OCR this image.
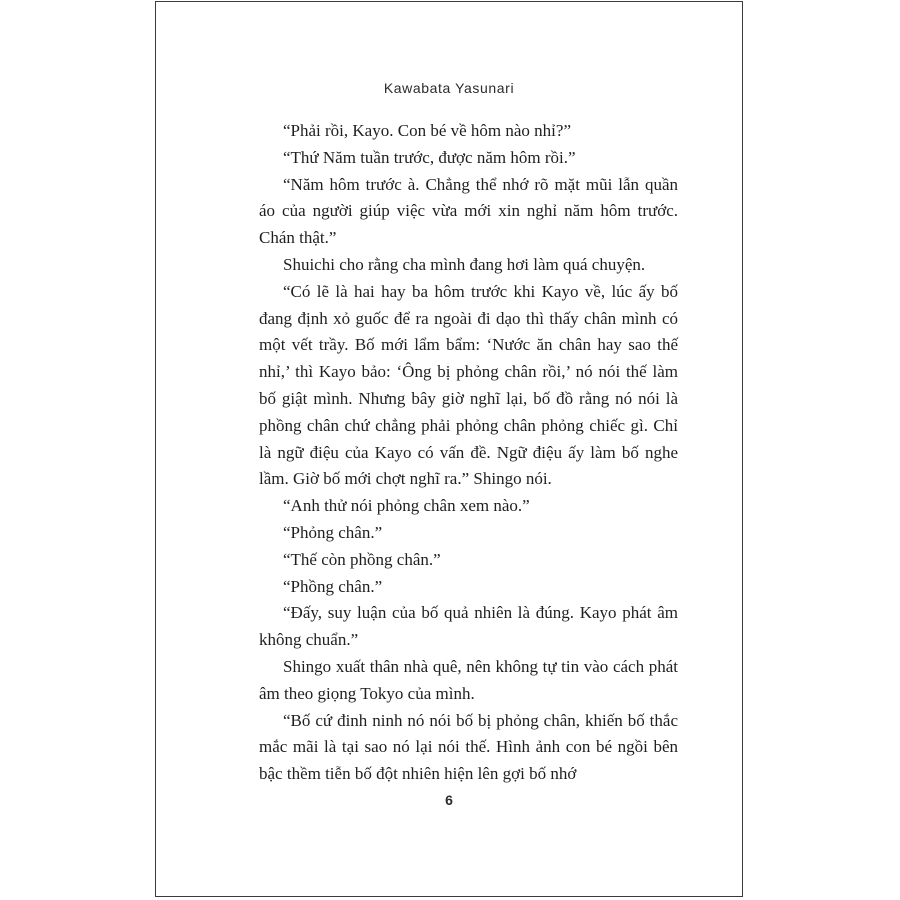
Kawabata Yasunari

“Phải rồi, Kayo. Con bé về hôm nào nhỉ?”

“Thứ Năm tuần trước, được năm hôm rồi.”

“Năm hôm trước à. Chẳng thể nhớ rõ mặt mũi lẫn quần áo của người giúp việc vừa mới xin nghỉ năm hôm trước. Chán thật.”

Shuichi cho rằng cha mình đang hơi làm quá chuyện.

“Có lẽ là hai hay ba hôm trước khi Kayo về, lúc ấy bố đang định xỏ guốc để ra ngoài đi dạo thì thấy chân mình có một vết trầy. Bố mới lẩm bẩm: ‘Nước ăn chân hay sao thế nhỉ,’ thì Kayo bảo: ‘Ông bị phỏng chân rồi,’ nó nói thế làm bố giật mình. Nhưng bây giờ nghĩ lại, bố đồ rằng nó nói là phồng chân chứ chẳng phải phỏng chân phỏng chiếc gì. Chỉ là ngữ điệu của Kayo có vấn đề. Ngữ điệu ấy làm bố nghe lầm. Giờ bố mới chợt nghĩ ra.” Shingo nói.

“Anh thử nói phỏng chân xem nào.”

“Phỏng chân.”

“Thế còn phồng chân.”

“Phồng chân.”

“Đấy, suy luận của bố quả nhiên là đúng. Kayo phát âm không chuẩn.”

Shingo xuất thân nhà quê, nên không tự tin vào cách phát âm theo giọng Tokyo của mình.

“Bố cứ đinh ninh nó nói bố bị phỏng chân, khiến bố thắc mắc mãi là tại sao nó lại nói thế. Hình ảnh con bé ngồi bên bậc thềm tiễn bố đột nhiên hiện lên gợi bố nhớ

6
